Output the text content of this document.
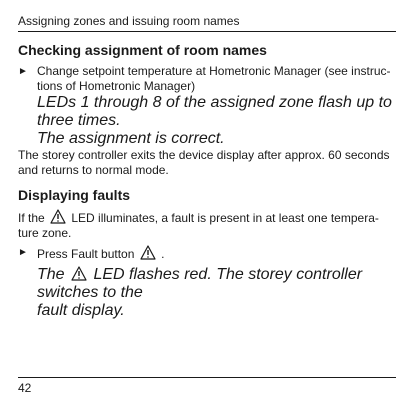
Assigning zones and issuing room names
Checking assignment of room names
► Change setpoint temperature at Hometronic Manager (see instruc-
tions of Hometronic Manager)
LEDs 1 through 8 of the assigned zone flash up to three times.
The assignment is correct.

The storey controller exits the device display after approx. 60 seconds

and returns to normal mode.

Displaying faults

If the LED illuminates, a fault is present in at least one tempera-

ture zone.

► Press Fault button .
The LED flashes red. The storey controller switches to the
fault display.
42
